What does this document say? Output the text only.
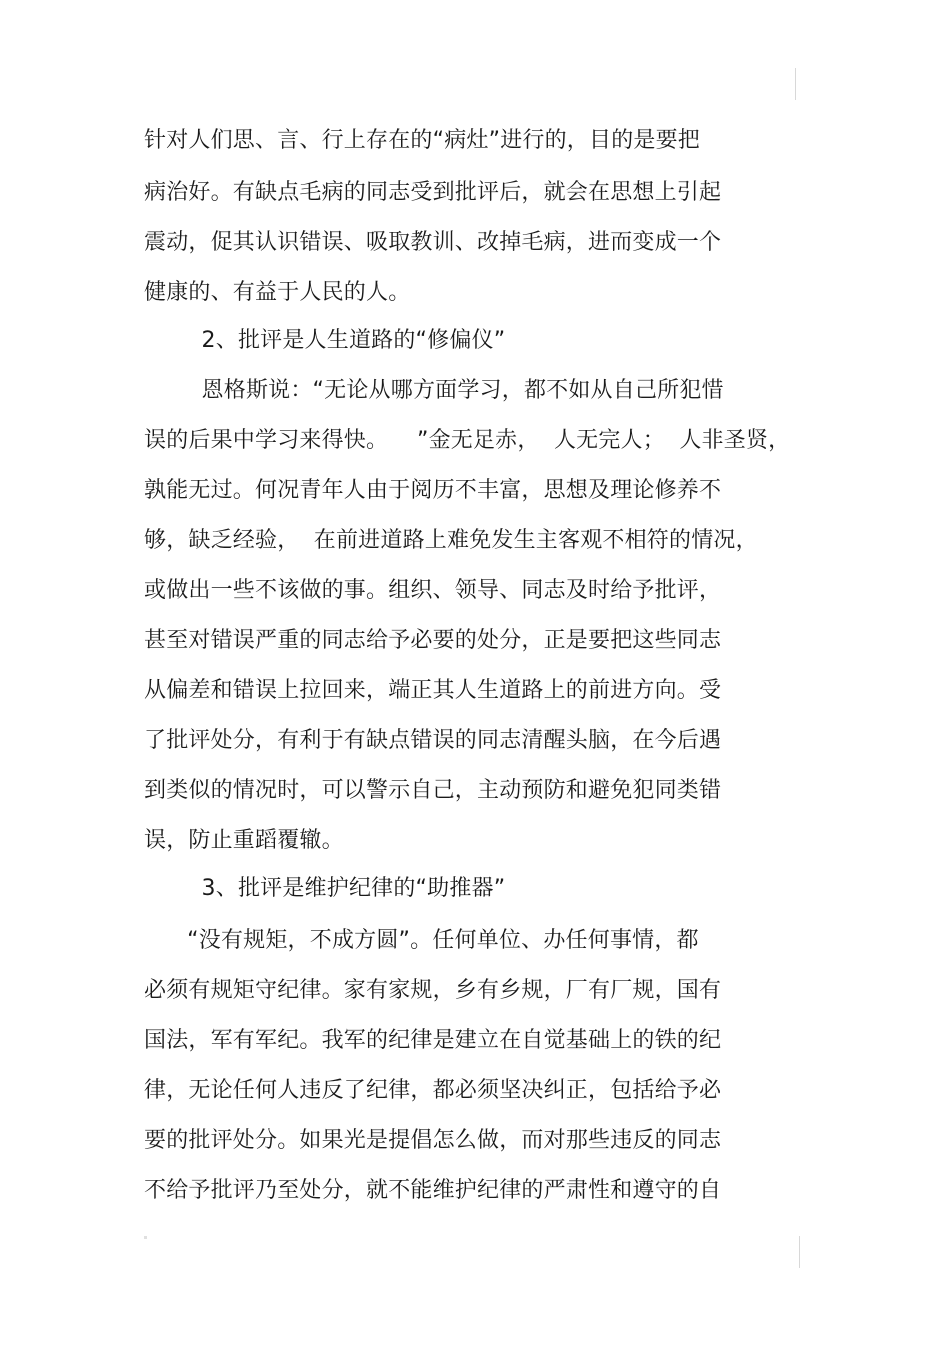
针对人们思、言、行上存在的“病灶”进行的，目的是要把
病治好。有缺点毛病的同志受到批评后，就会在思想上引起
震动，促其认识错误、吸取教训、改掉毛病，进而变成一个
健康的、有益于人民的人。
2、批评是人生道路的“修偏仪”
恩格斯说：“无论从哪方面学习，都不如从自己所犯惜
误的后果中学习来得快。    ”金无足赤，  人无完人；  人非圣贤，
孰能无过。何况青年人由于阅历不丰富，思想及理论修养不
够，缺乏经验，  在前进道路上难免发生主客观不相符的情况，
或做出一些不该做的事。组织、领导、同志及时给予批评，
甚至对错误严重的同志给予必要的处分，正是要把这些同志
从偏差和错误上拉回来，端正其人生道路上的前进方向。受
了批评处分，有利于有缺点错误的同志清醒头脑，在今后遇
到类似的情况时，可以警示自己，主动预防和避免犯同类错
误，防止重蹈覆辙。
3、批评是维护纪律的“助推器”
“没有规矩，不成方圆”。任何单位、办任何事情，都
必须有规矩守纪律。家有家规，乡有乡规，厂有厂规，国有
国法，军有军纪。我军的纪律是建立在自觉基础上的铁的纪
律，无论任何人违反了纪律，都必须坚决纠正，包括给予必
要的批评处分。如果光是提倡怎么做，而对那些违反的同志
不给予批评乃至处分，就不能维护纪律的严肃性和遵守的自
